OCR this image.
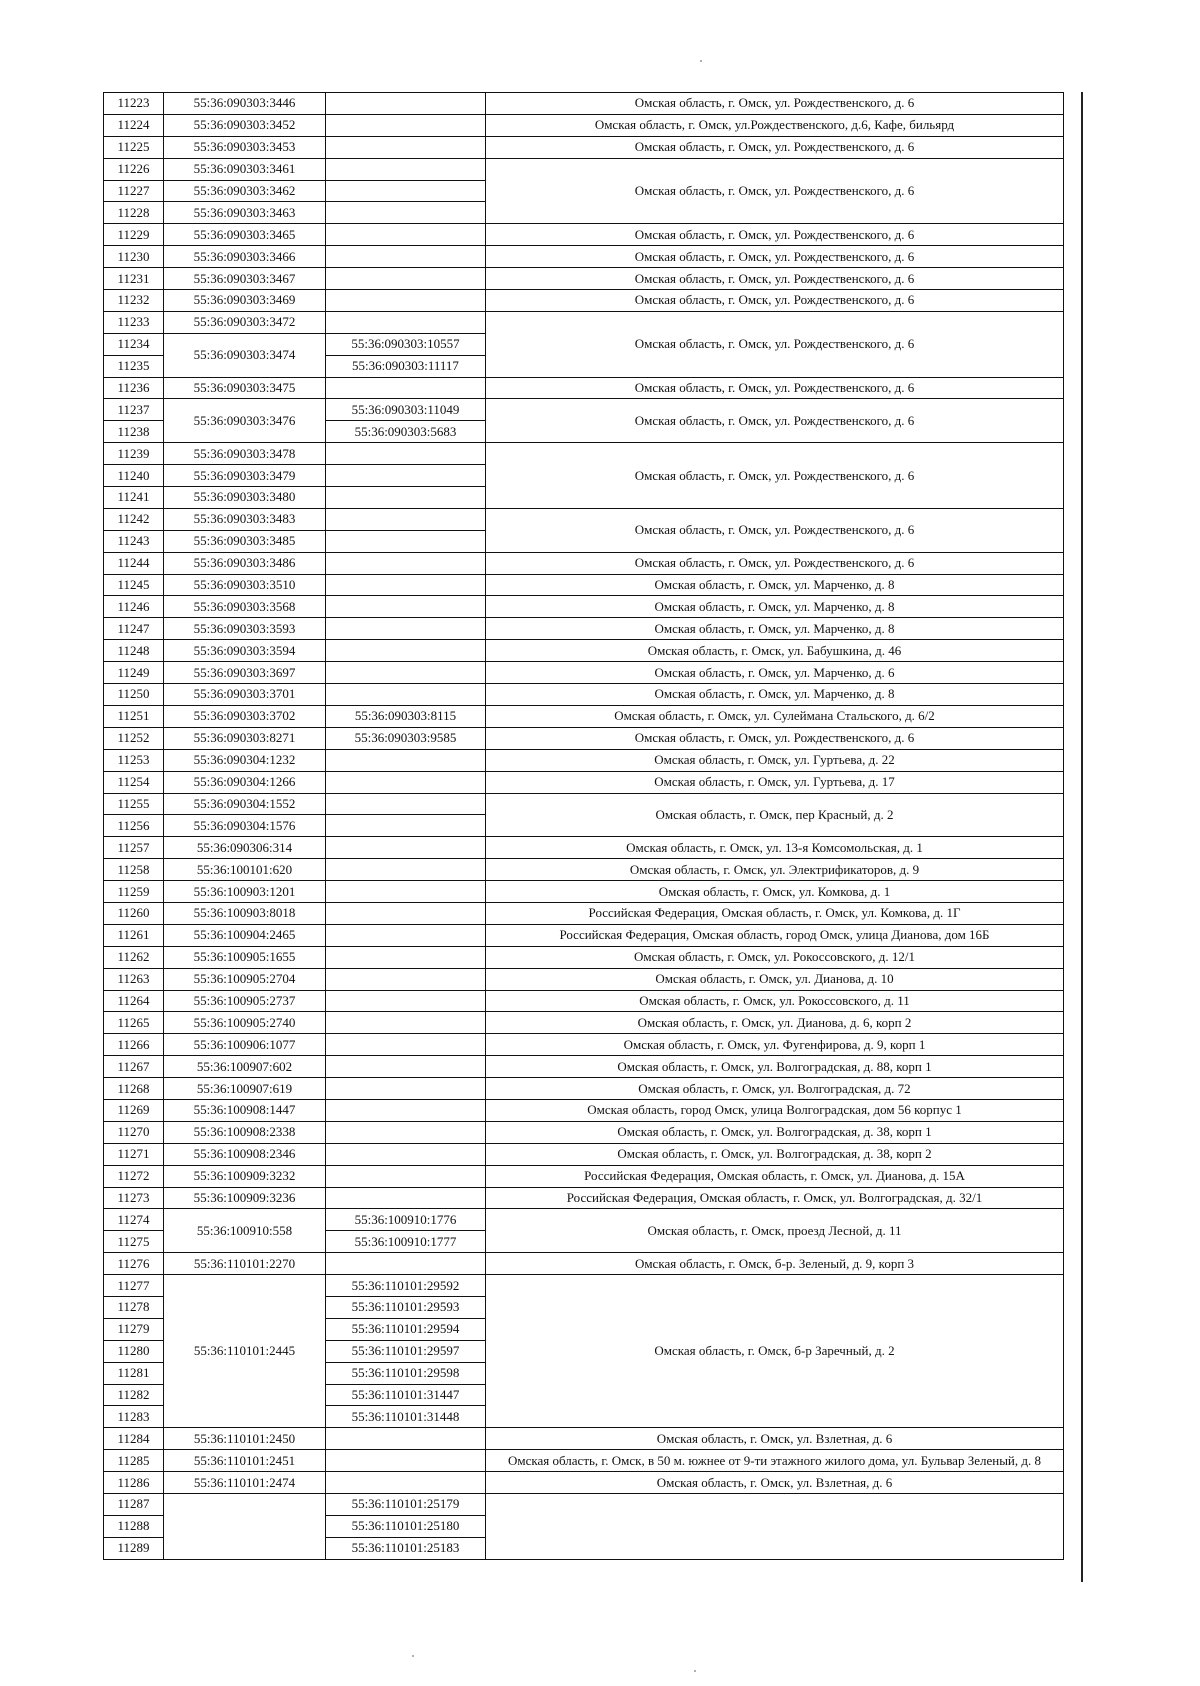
11223	55:36:090303:3446		Омская область, г. Омск, ул. Рождественского, д. 6
11224	55:36:090303:3452		Омская область, г. Омск, ул.Рождественского, д.6, Кафе, бильярд
11225	55:36:090303:3453		Омская область, г. Омск, ул. Рождественского, д. 6
11226	55:36:090303:3461		Омская область, г. Омск, ул. Рождественского, д. 6
11227	55:36:090303:3462		
11228	55:36:090303:3463		
11229	55:36:090303:3465		Омская область, г. Омск, ул. Рождественского, д. 6
11230	55:36:090303:3466		Омская область, г. Омск, ул. Рождественского, д. 6
11231	55:36:090303:3467		Омская область, г. Омск, ул. Рождественского, д. 6
11232	55:36:090303:3469		Омская область, г. Омск, ул. Рождественского, д. 6
11233	55:36:090303:3472		Омская область, г. Омск, ул. Рождественского, д. 6
11234	55:36:090303:3474	55:36:090303:10557	
11235		55:36:090303:11117	
11236	55:36:090303:3475		Омская область, г. Омск, ул. Рождественского, д. 6
11237	55:36:090303:3476	55:36:090303:11049	Омская область, г. Омск, ул. Рождественского, д. 6
11238		55:36:090303:5683	
11239	55:36:090303:3478		Омская область, г. Омск, ул. Рождественского, д. 6
11240	55:36:090303:3479		
11241	55:36:090303:3480		
11242	55:36:090303:3483		Омская область, г. Омск, ул. Рождественского, д. 6
11243	55:36:090303:3485		
11244	55:36:090303:3486		Омская область, г. Омск, ул. Рождественского, д. 6
11245	55:36:090303:3510		Омская область, г. Омск, ул. Марченко, д. 8
11246	55:36:090303:3568		Омская область, г. Омск, ул. Марченко, д. 8
11247	55:36:090303:3593		Омская область, г. Омск, ул. Марченко, д. 8
11248	55:36:090303:3594		Омская область, г. Омск, ул. Бабушкина, д. 46
11249	55:36:090303:3697		Омская область, г. Омск, ул. Марченко, д. 6
11250	55:36:090303:3701		Омская область, г. Омск, ул. Марченко, д. 8
11251	55:36:090303:3702	55:36:090303:8115	Омская область, г. Омск, ул. Сулеймана Стальского, д. 6/2
11252	55:36:090303:8271	55:36:090303:9585	Омская область, г. Омск, ул. Рождественского, д. 6
11253	55:36:090304:1232		Омская область, г. Омск, ул. Гуртьева, д. 22
11254	55:36:090304:1266		Омская область, г. Омск, ул. Гуртьева, д. 17
11255	55:36:090304:1552		Омская область, г. Омск, пер Красный, д. 2
11256	55:36:090304:1576		
11257	55:36:090306:314		Омская область, г. Омск, ул. 13-я Комсомольская, д. 1
11258	55:36:100101:620		Омская область, г. Омск, ул. Электрификаторов, д. 9
11259	55:36:100903:1201		Омская область, г. Омск, ул. Комкова, д. 1
11260	55:36:100903:8018		Российская Федерация, Омская область, г. Омск, ул. Комкова, д. 1Г
11261	55:36:100904:2465		Российская Федерация, Омская область, город Омск, улица Дианова, дом 16Б
11262	55:36:100905:1655		Омская область, г. Омск, ул. Рокоссовского, д. 12/1
11263	55:36:100905:2704		Омская область, г. Омск, ул. Дианова, д. 10
11264	55:36:100905:2737		Омская область, г. Омск, ул. Рокоссовского, д. 11
11265	55:36:100905:2740		Омская область, г. Омск, ул. Дианова, д. 6, корп 2
11266	55:36:100906:1077		Омская область, г. Омск, ул. Фугенфирова, д. 9, корп 1
11267	55:36:100907:602		Омская область, г. Омск, ул. Волгоградская, д. 88, корп 1
11268	55:36:100907:619		Омская область, г. Омск, ул. Волгоградская, д. 72
11269	55:36:100908:1447		Омская область, город Омск, улица Волгоградская, дом 56 корпус 1
11270	55:36:100908:2338		Омская область, г. Омск, ул. Волгоградская, д. 38, корп 1
11271	55:36:100908:2346		Омская область, г. Омск, ул. Волгоградская, д. 38, корп 2
11272	55:36:100909:3232		Российская Федерация, Омская область, г. Омск, ул. Дианова, д. 15А
11273	55:36:100909:3236		Российская Федерация, Омская область, г. Омск, ул. Волгоградская, д. 32/1
11274	55:36:100910:558	55:36:100910:1776	Омская область, г. Омск, проезд Лесной, д. 11
11275		55:36:100910:1777	
11276	55:36:110101:2270		Омская область, г. Омск, б-р. Зеленый, д. 9, корп 3
11277	55:36:110101:2445	55:36:110101:29592	Омская область, г. Омск, б-р Заречный, д. 2
11278		55:36:110101:29593	
11279		55:36:110101:29594	
11280		55:36:110101:29597	
11281		55:36:110101:29598	
11282		55:36:110101:31447	
11283		55:36:110101:31448	
11284	55:36:110101:2450		Омская область, г. Омск, ул. Взлетная, д. 6
11285	55:36:110101:2451		Омская область, г. Омск, в 50 м. южнее от 9-ти этажного жилого дома, ул. Бульвар Зеленый, д. 8
11286	55:36:110101:2474		Омская область, г. Омск, ул. Взлетная, д. 6
11287		55:36:110101:25179	
11288		55:36:110101:25180	
11289		55:36:110101:25183	
